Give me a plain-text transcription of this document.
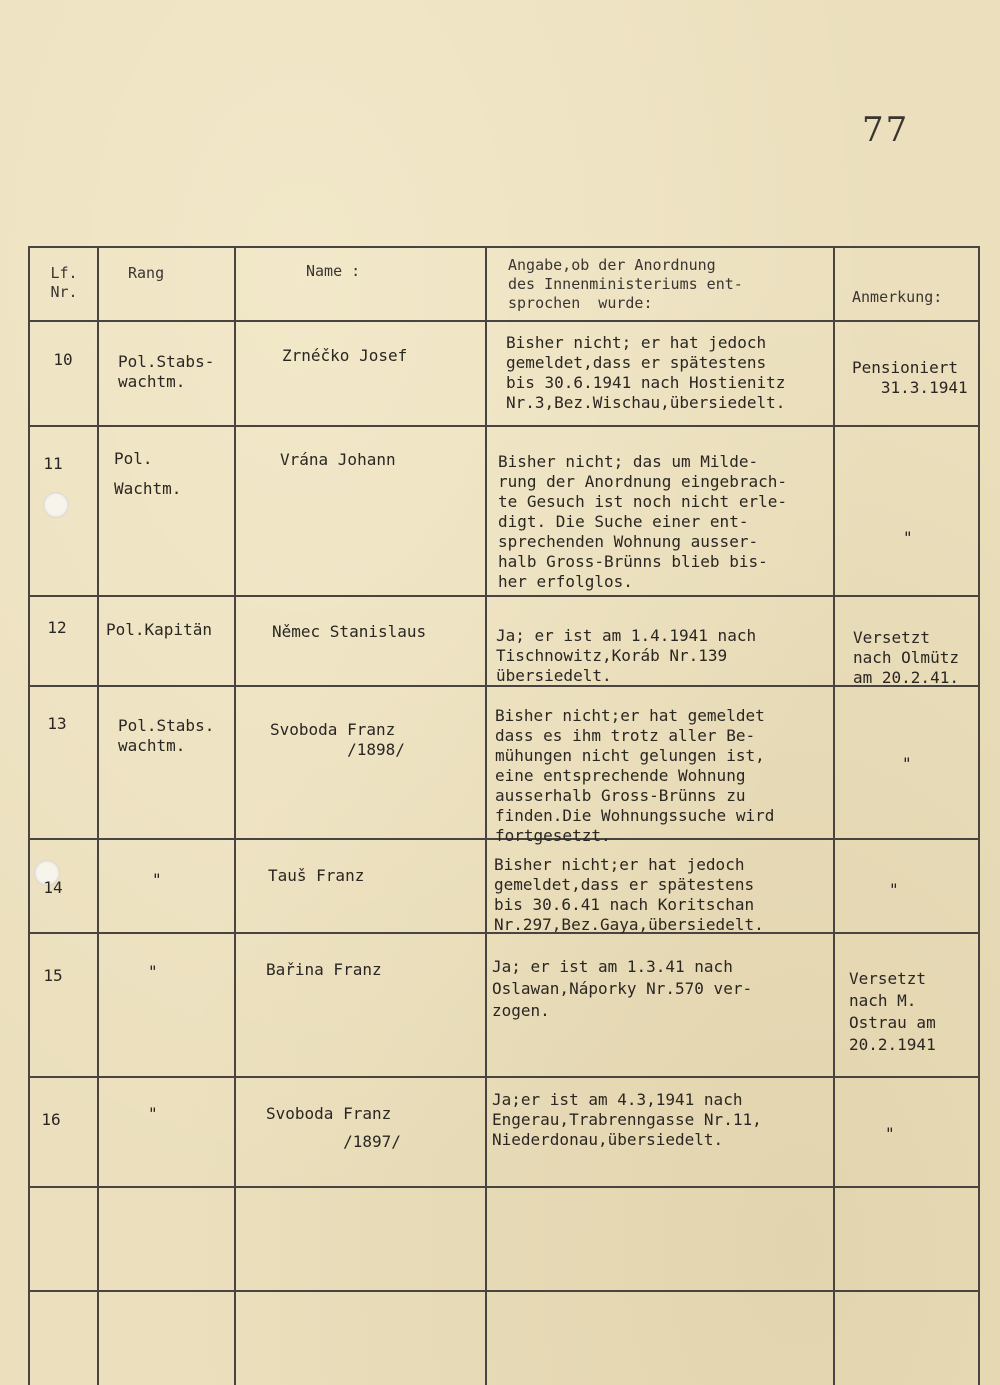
77
Lf.
Nr.
Rang	Name :	Angabe,ob der Anordnung
des Innenministeriums ent-
sprochen  wurde:	Anmerkung:
10	Pol.Stabs-
wachtm.
Zrnéčko Josef
Bisher nicht; er hat jedoch
gemeldet,dass er spätestens
bis 30.6.1941 nach Hostienitz
Nr.3,Bez.Wischau,übersiedelt.
Pensioniert
31.3.1941
11	Pol.
Wachtm.
Vrána Johann	Bisher nicht; das um Milde-
rung der Anordnung eingebrach-
te Gesuch ist noch nicht erle-
digt. Die Suche einer ent-
sprechenden Wohnung ausser-
halb Gross-Brünns blieb bis-
her erfolglos.
"
12	Pol.Kapitän	Němec Stanislaus	Ja; er ist am 1.4.1941 nach
Tischnowitz,Koráb Nr.139
übersiedelt.
Versetzt
nach Olmütz
am 20.2.41.
13	Pol.Stabs.
wachtm.
Svoboda Franz
/1898/
Bisher nicht;er hat gemeldet
dass es ihm trotz aller Be-
mühungen nicht gelungen ist,
eine entsprechende Wohnung
ausserhalb Gross-Brünns zu
finden.Die Wohnungssuche wird
fortgesetzt.
"
14	"	Tauš Franz
Bisher nicht;er hat jedoch
gemeldet,dass er spätestens
bis 30.6.41 nach Koritschan
Nr.297,Bez.Gaya,übersiedelt.
"
15	"	Bařina Franz	Ja; er ist am 1.3.41 nach
Oslawan,Náporky Nr.570 ver-
zogen.
Versetzt
nach M.
Ostrau am
20.2.1941
16	"	Svoboda Franz
/1897/
Ja;er ist am 4.3,1941 nach
Engerau,Trabrenngasse Nr.11,
Niederdonau,übersiedelt.	"
